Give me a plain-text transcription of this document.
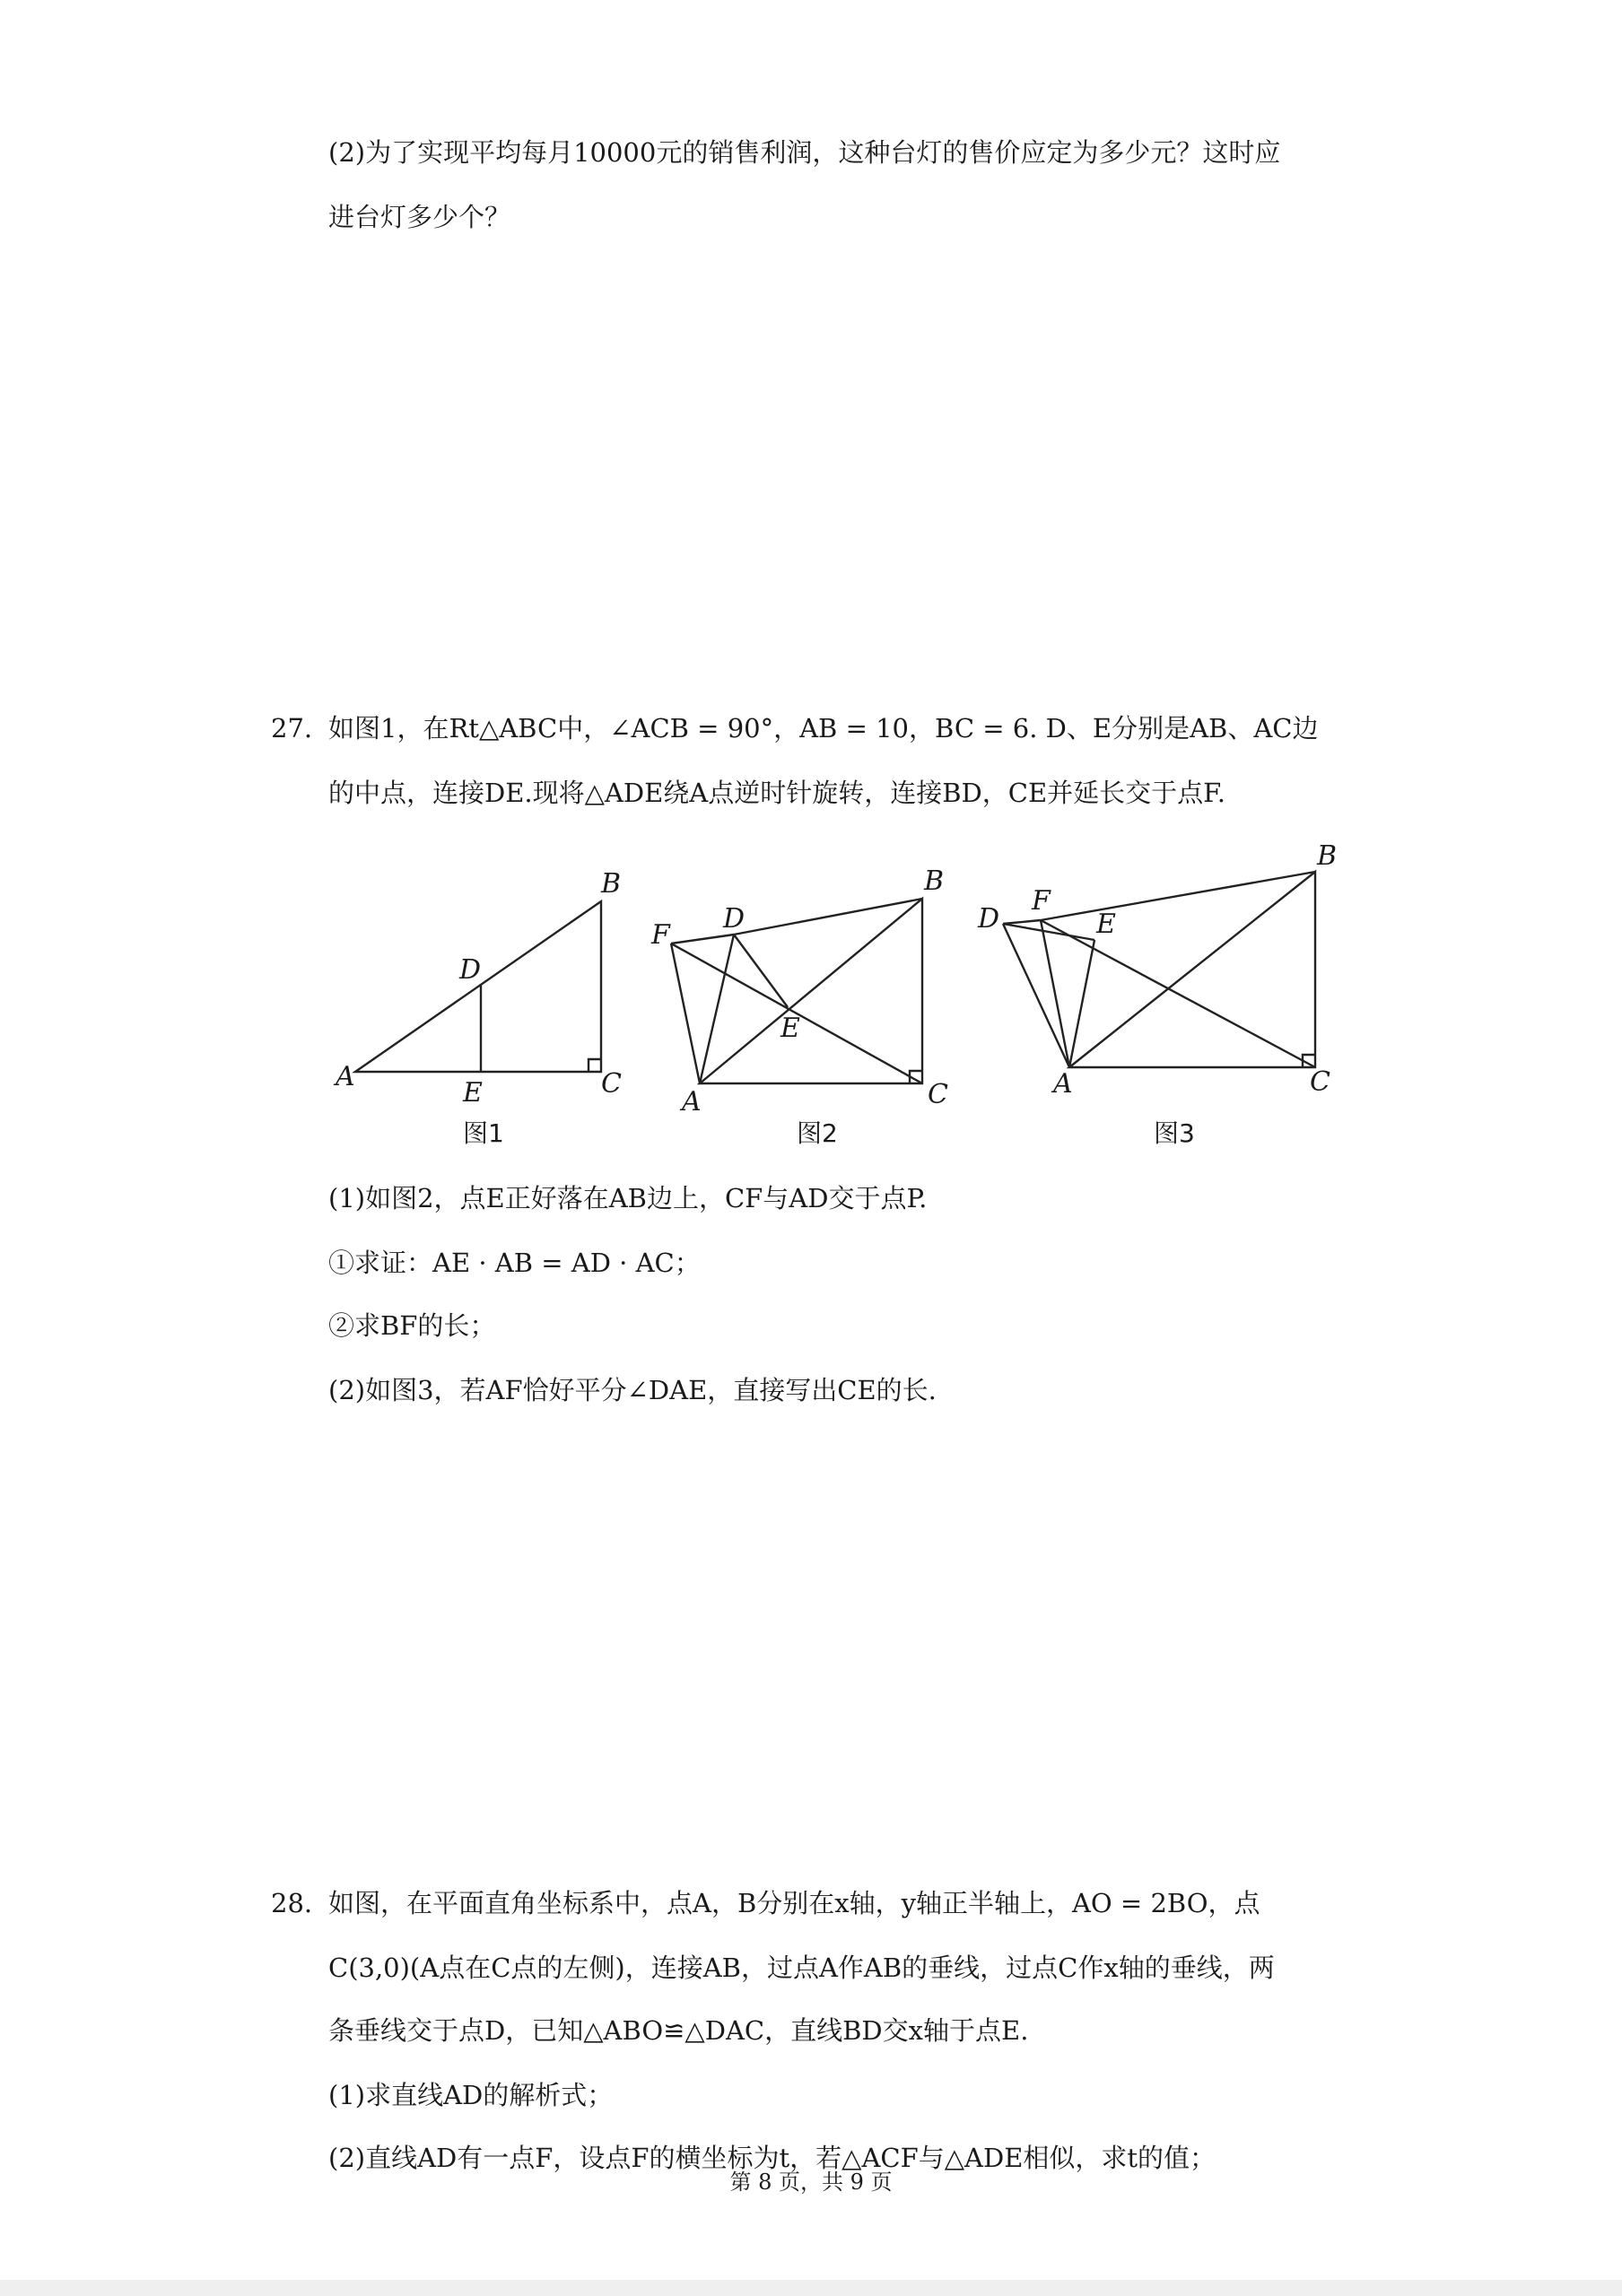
(2)为了实现平均每月10000元的销售利润，这种台灯的售价应定为多少元？这时应
进台灯多少个？
27. 如图1，在Rt△ABC中，∠ACB = 90°，AB = 10，BC = 6. D、E分别是AB、AC边
的中点，连接DE.现将△ADE绕A点逆时针旋转，连接BD，CE并延长交于点F.
A
B
C
D
E
图1
F
D
B
E
A	C
图2
D
F
E
B
A	C
图3
(1)如图2，点E正好落在AB边上，CF与AD交于点P.
①求证：AE · AB = AD · AC；
②求BF的长；
(2)如图3，若AF恰好平分∠DAE，直接写出CE的长.
28. 如图，在平面直角坐标系中，点A，B分别在x轴，y轴正半轴上，AO = 2BO，点
C(3,0)(A点在C点的左侧)，连接AB，过点A作AB的垂线，过点C作x轴的垂线，两
条垂线交于点D，已知△ABO≌△DAC，直线BD交x轴于点E.
(1)求直线AD的解析式；
(2)直线AD有一点F，设点F的横坐标为t，若△ACF与△ADE相似，求t的值；
第 8 页，共 9 页
